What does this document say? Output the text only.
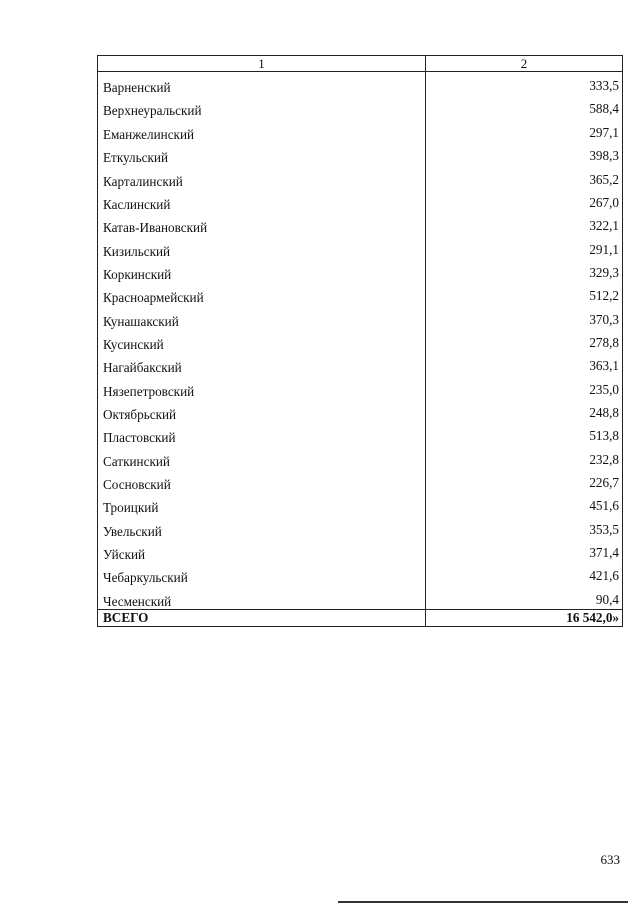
1	2
Варненский	333,5
Верхнеуральский	588,4
Еманжелинский	297,1
Еткульский	398,3
Карталинский	365,2
Каслинский	267,0
Катав-Ивановский	322,1
Кизильский	291,1
Коркинский	329,3
Красноармейский	512,2
Кунашакский	370,3
Кусинский	278,8
Нагайбакский	363,1
Нязепетровский	235,0
Октябрьский	248,8
Пластовский	513,8
Саткинский	232,8
Сосновский	226,7
Троицкий	451,6
Увельский	353,5
Уйский	371,4
Чебаркульский	421,6
Чесменский	90,4
ВСЕГО	16 542,0»
633
